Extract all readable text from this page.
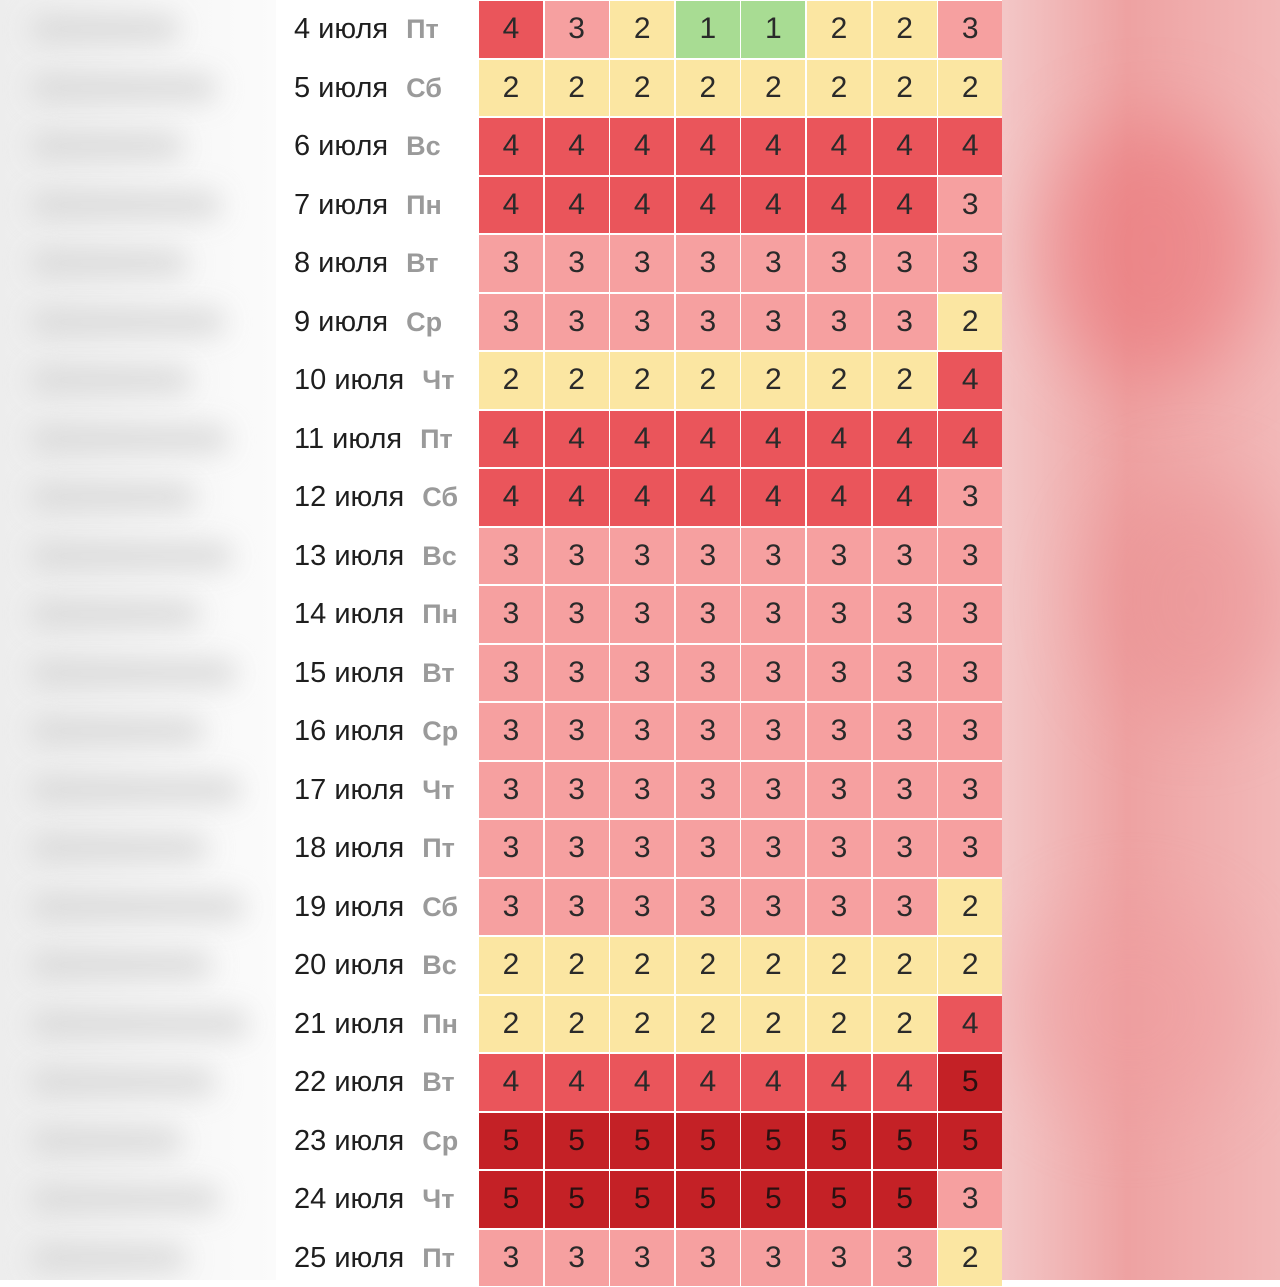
4 июля Пт	4	3	2	1	1	2	2	3
5 июля Сб	2	2	2	2	2	2	2	2
6 июля Вс	4	4	4	4	4	4	4	4
7 июля Пн	4	4	4	4	4	4	4	3
8 июля Вт	3	3	3	3	3	3	3	3
9 июля Ср	3	3	3	3	3	3	3	2
10 июля Чт	2	2	2	2	2	2	2	4
11 июля Пт	4	4	4	4	4	4	4	4
12 июля Сб	4	4	4	4	4	4	4	3
13 июля Вс	3	3	3	3	3	3	3	3
14 июля Пн	3	3	3	3	3	3	3	3
15 июля Вт	3	3	3	3	3	3	3	3
16 июля Ср	3	3	3	3	3	3	3	3
17 июля Чт	3	3	3	3	3	3	3	3
18 июля Пт	3	3	3	3	3	3	3	3
19 июля Сб	3	3	3	3	3	3	3	2
20 июля Вс	2	2	2	2	2	2	2	2
21 июля Пн	2	2	2	2	2	2	2	4
22 июля Вт	4	4	4	4	4	4	4	5
23 июля Ср	5	5	5	5	5	5	5	5
24 июля Чт	5	5	5	5	5	5	5	3
25 июля Пт	3	3	3	3	3	3	3	2
